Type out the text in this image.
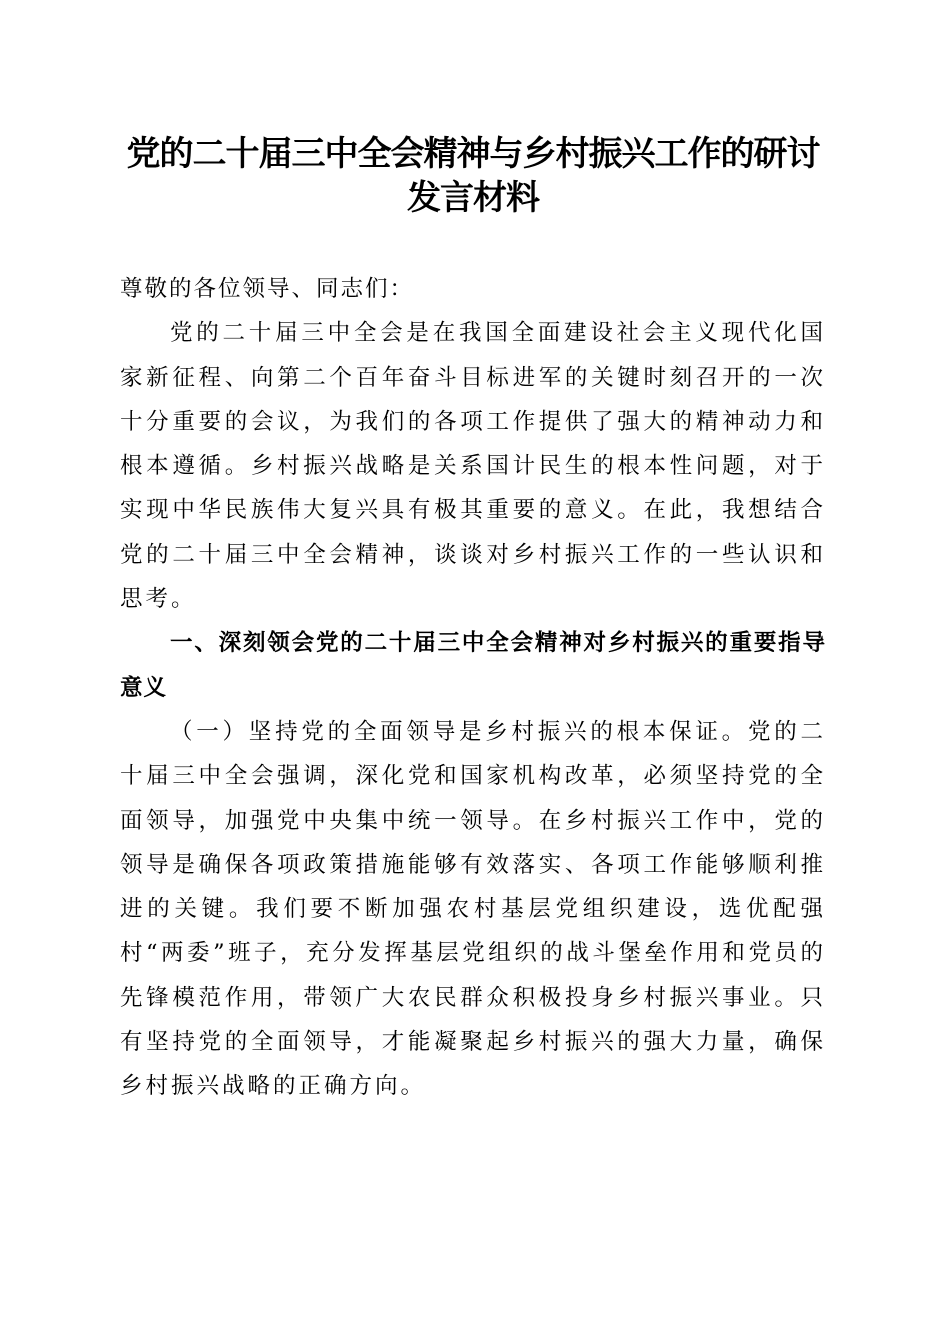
党的二十届三中全会精神与乡村振兴工作的研讨发言材料

尊敬的各位领导、同志们：

党的二十届三中全会是在我国全面建设社会主义现代化国家新征程、向第二个百年奋斗目标进军的关键时刻召开的一次十分重要的会议，为我们的各项工作提供了强大的精神动力和根本遵循。乡村振兴战略是关系国计民生的根本性问题，对于实现中华民族伟大复兴具有极其重要的意义。在此，我想结合党的二十届三中全会精神，谈谈对乡村振兴工作的一些认识和思考。

一、深刻领会党的二十届三中全会精神对乡村振兴的重要指导意义

（一）坚持党的全面领导是乡村振兴的根本保证。党的二十届三中全会强调，深化党和国家机构改革，必须坚持党的全面领导，加强党中央集中统一领导。在乡村振兴工作中，党的领导是确保各项政策措施能够有效落实、各项工作能够顺利推进的关键。我们要不断加强农村基层党组织建设，选优配强村“两委”班子，充分发挥基层党组织的战斗堡垒作用和党员的先锋模范作用，带领广大农民群众积极投身乡村振兴事业。只有坚持党的全面领导，才能凝聚起乡村振兴的强大力量，确保乡村振兴战略的正确方向。
